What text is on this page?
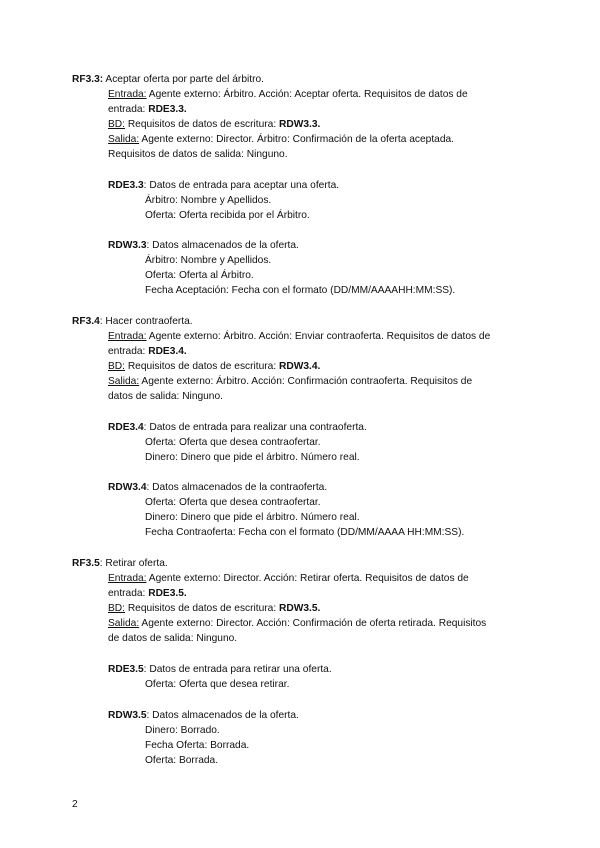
RF3.3: Aceptar oferta por parte del árbitro.
Entrada: Agente externo: Árbitro. Acción: Aceptar oferta. Requisitos de datos de
entrada: RDE3.3.
BD: Requisitos de datos de escritura: RDW3.3.
Salida: Agente externo: Director. Árbitro: Confirmación de la oferta aceptada.
Requisitos de datos de salida: Ninguno.
RDE3.3: Datos de entrada para aceptar una oferta.
Árbitro: Nombre y Apellidos.
Oferta: Oferta recibida por el Árbitro.
RDW3.3: Datos almacenados de la oferta.
Árbitro: Nombre y Apellidos.
Oferta: Oferta al Árbitro.
Fecha Aceptación: Fecha con el formato (DD/MM/AAAAHH:MM:SS).
RF3.4: Hacer contraoferta.
Entrada: Agente externo: Árbitro. Acción: Enviar contraoferta. Requisitos de datos de
entrada: RDE3.4.
BD: Requisitos de datos de escritura: RDW3.4.
Salida: Agente externo: Árbitro. Acción: Confirmación contraoferta. Requisitos de
datos de salida: Ninguno.
RDE3.4: Datos de entrada para realizar una contraoferta.
Oferta: Oferta que desea contraofertar.
Dinero: Dinero que pide el árbitro. Número real.
RDW3.4: Datos almacenados de la contraoferta.
Oferta: Oferta que desea contraofertar.
Dinero: Dinero que pide el árbitro. Número real.
Fecha Contraoferta: Fecha con el formato (DD/MM/AAAA HH:MM:SS).
RF3.5: Retirar oferta.
Entrada: Agente externo: Director. Acción: Retirar oferta. Requisitos de datos de
entrada: RDE3.5.
BD: Requisitos de datos de escritura: RDW3.5.
Salida: Agente externo: Director. Acción: Confirmación de oferta retirada. Requisitos
de datos de salida: Ninguno.
RDE3.5: Datos de entrada para retirar una oferta.
Oferta: Oferta que desea retirar.
RDW3.5: Datos almacenados de la oferta.
Dinero: Borrado.
Fecha Oferta: Borrada.
Oferta: Borrada.
2
